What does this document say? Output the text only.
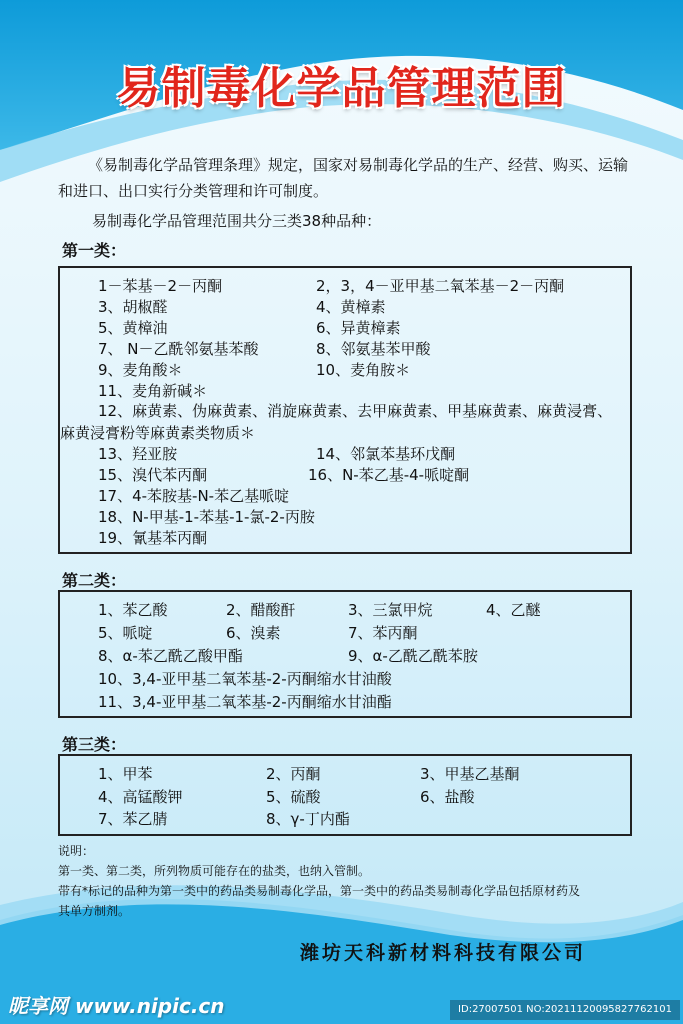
易制毒化学品管理范围
《易制毒化学品管理条理》规定，国家对易制毒化学品的生产、经营、购买、运输和进口、出口实行分类管理和许可制度。
易制毒化学品管理范围共分三类38种品种：
第一类：
1－苯基－2－丙酮	2，3，4－亚甲基二氧苯基－2－丙酮
3、胡椒醛	4、黄樟素
5、黄樟油	6、异黄樟素
7、 N－乙酰邻氨基苯酸	8、邻氨基苯甲酸
9、麦角酸＊	10、麦角胺＊
11、麦角新碱＊
12、麻黄素、伪麻黄素、消旋麻黄素、去甲麻黄素、甲基麻黄素、麻黄浸膏、麻黄浸膏粉等麻黄素类物质＊
13、羟亚胺	14、邻氯苯基环戊酮
15、溴代苯丙酮	16、N-苯乙基-4-哌啶酮
17、4-苯胺基-N-苯乙基哌啶
18、N-甲基-1-苯基-1-氯-2-丙胺
19、氰基苯丙酮
第二类：
1、苯乙酸	2、醋酸酐	3、三氯甲烷	4、乙醚
5、哌啶	6、溴素	7、苯丙酮
8、α-苯乙酰乙酸甲酯	9、α-乙酰乙酰苯胺
10、3,4-亚甲基二氧苯基-2-丙酮缩水甘油酸
11、3,4-亚甲基二氧苯基-2-丙酮缩水甘油酯
第三类：
1、甲苯	2、丙酮	3、甲基乙基酮
4、高锰酸钾	5、硫酸	6、盐酸
7、苯乙腈	8、γ-丁内酯
说明：
第一类、第二类，所列物质可能存在的盐类，也纳入管制。
带有*标记的品种为第一类中的药品类易制毒化学品，第一类中的药品类易制毒化学品包括原材药及
其单方制剂。
潍坊天科新材料科技有限公司
昵享网 www.nipic.cn	ID:27007501 NO:20211120095827762101
